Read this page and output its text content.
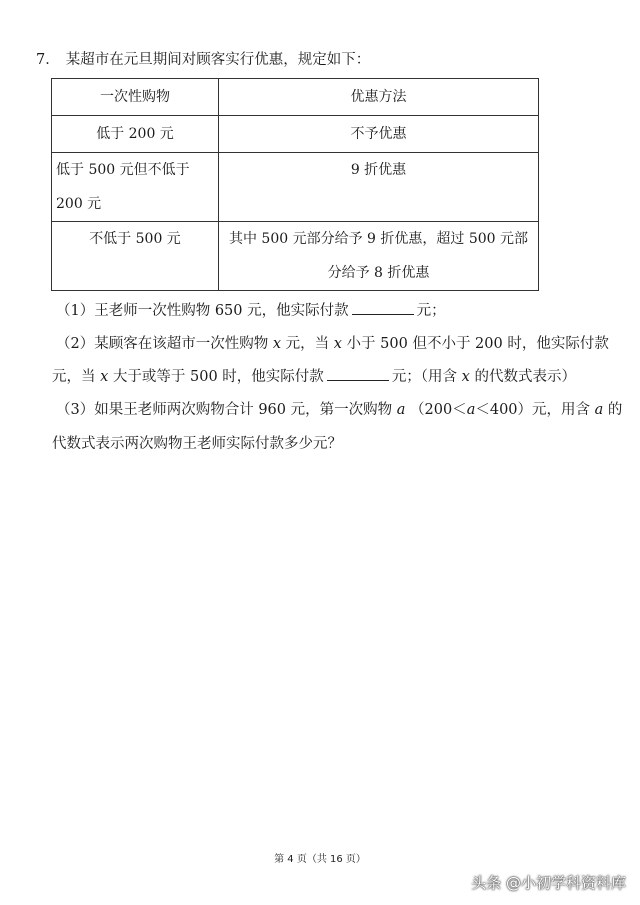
7． 某超市在元旦期间对顾客实行优惠，规定如下：
一次性购物	优惠方法
低于 200 元	不予优惠
低于 500 元但不低于 200 元	9 折优惠
不低于 500 元	其中 500 元部分给予 9 折优惠，超过 500 元部分给予 8 折优惠
（1）王老师一次性购物 650 元，他实际付款	元；
（2）某顾客在该超市一次性购物 x 元，当 x 小于 500 但不小于 200 时，他实际付款
元，当 x 大于或等于 500 时，他实际付款	元；（用含 x 的代数式表示）
（3）如果王老师两次购物合计 960 元，第一次购物 a （200＜a＜400）元，用含 a 的
代数式表示两次购物王老师实际付款多少元？
第 4 页（共 16 页）
头条 @小初学科资料库
